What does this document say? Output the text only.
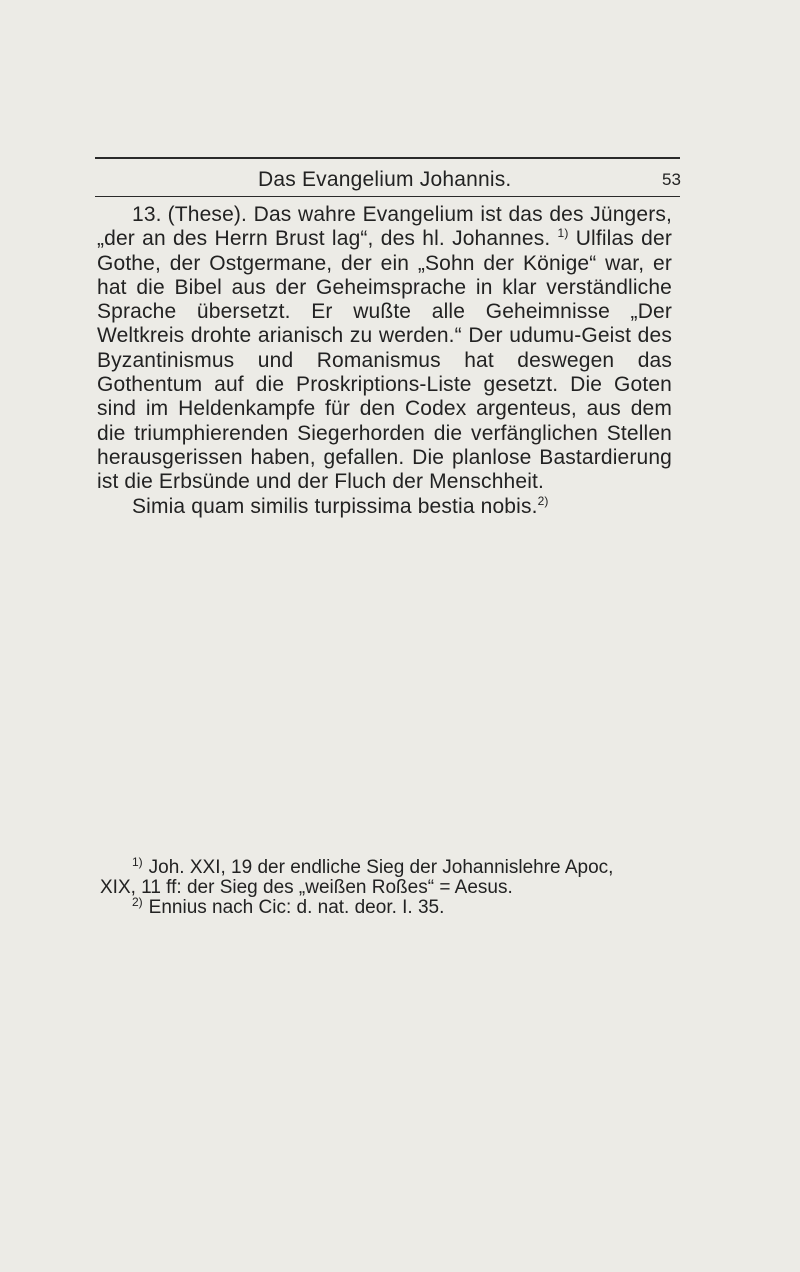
Das Evangelium Johannis.	53

13. (These). Das wahre Evangelium ist das des Jüngers, „der an des Herrn Brust lag“, des hl. Johannes. $^{1)}$ Ulfilas der Gothe, der Ostgermane, der ein „Sohn der Könige“ war, er hat die Bibel aus der Geheimsprache in klar verständliche Sprache übersetzt. Er wußte alle Geheimnisse „Der Weltkreis drohte arianisch zu werden.“ Der udumu-Geist des Byzantinismus und Romanismus hat deswegen das Gothentum auf die Proskriptions-Liste gesetzt. Die Goten sind im Heldenkampfe für den Codex argenteus, aus dem die triumphierenden Siegerhorden die verfänglichen Stellen herausgerissen haben, gefallen. Die planlose Bastardierung ist die Erbsünde und der Fluch der Menschheit.

Simia quam similis turpissima bestia nobis.$^{2)}$

$^{1)}$ Joh. XXI, 19 der endliche Sieg der Johannislehre Apoc,

XIX, 11 ff: der Sieg des „weißen Roßes“ = Aesus.

$^{2)}$ Ennius nach Cic: d. nat. deor. I. 35.
